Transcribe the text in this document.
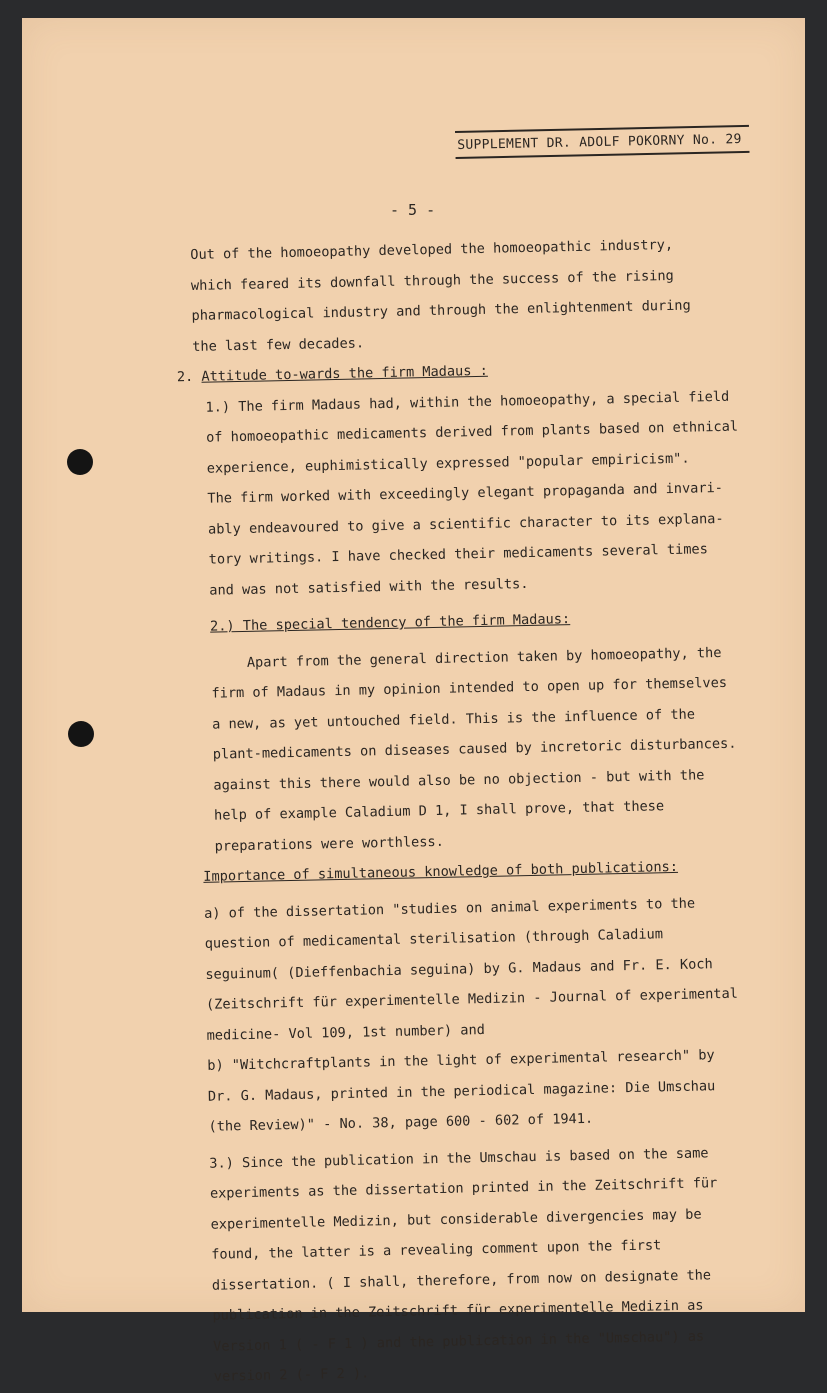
SUPPLEMENT DR. ADOLF POKORNY No. 29
- 5 -

Out of the homoeopathy developed the homoeopathic industry,
which feared its downfall through the success of the rising
pharmacological industry and through the enlightenment during
the last few decades.

2. Attitude to-wards the firm Madaus :

1.) The firm Madaus had, within the homoeopathy, a special field
of homoeopathic medicaments derived from plants based on ethnical
experience, euphimistically expressed "popular empiricism".
The firm worked with exceedingly elegant propaganda and invari-
ably endeavoured to give a scientific character to its explana-
tory writings. I have checked their medicaments several times
and was not satisfied with the results.

2.) The special tendency of the firm Madaus:

Apart from the general direction taken by homoeopathy, the
firm of Madaus in my opinion intended to open up for themselves
a new, as yet untouched field. This is the influence of the
plant-medicaments on diseases caused by incretoric disturbances.
against this there would also be no objection - but with the
help of example Caladium D 1, I shall prove, that these
preparations were worthless.

Importance of simultaneous knowledge of both publications:

a) of the dissertation "studies on animal experiments to the
question of medicamental sterilisation (through Caladium
seguinum( (Dieffenbachia seguina) by G. Madaus and Fr. E. Koch
(Zeitschrift für experimentelle Medizin - Journal of experimental
medicine- Vol 109, 1st number) and

b) "Witchcraftplants in the light of experimental research" by
Dr. G. Madaus, printed in the periodical magazine: Die Umschau
(the Review)" - No. 38, page 600 - 602 of 1941.

3.) Since the publication in the Umschau is based on the same
experiments as the dissertation printed in the Zeitschrift für
experimentelle Medizin, but considerable divergencies may be
found, the latter is a revealing comment upon the first
dissertation. ( I shall, therefore, from now on designate the
publication in the Zeitschrift für experimentelle Medizin as
Version 1 ( - F 1 ) and the publication in the "Umschau") as
version 2 (- F 2 ).
